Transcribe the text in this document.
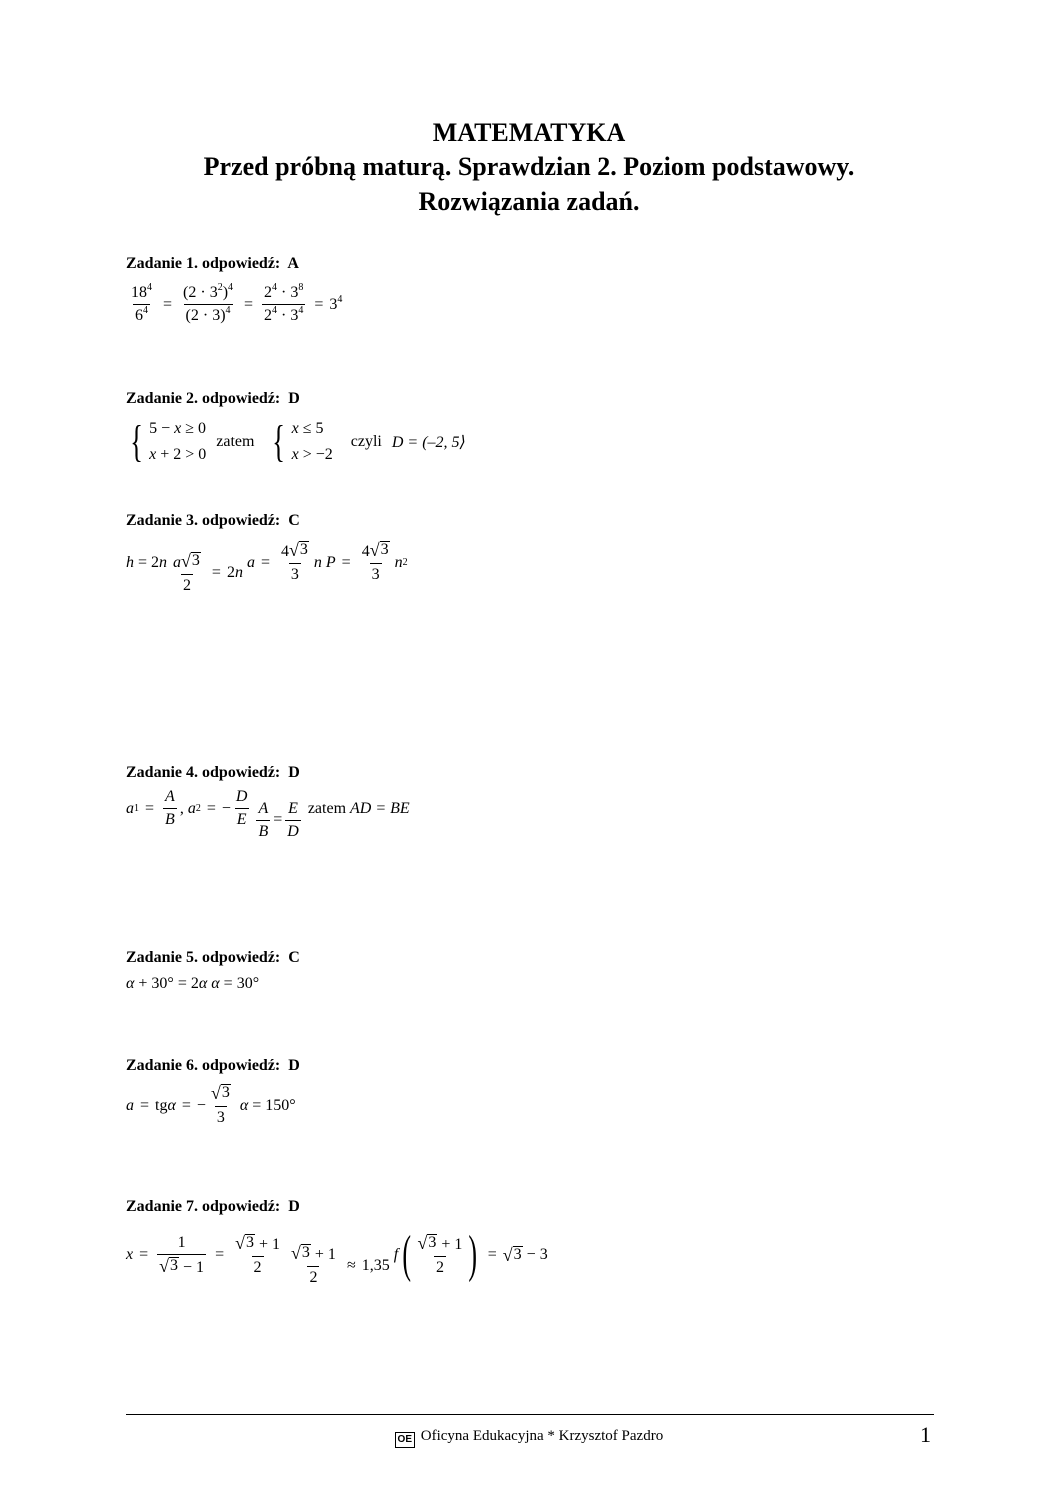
MATEMATYKA
Przed próbną maturą. Sprawdzian 2. Poziom podstawowy.
Rozwiązania zadań.
Zadanie 1. odpowiedź: A
$\frac{18^4}{6^4} = \frac{(2 \cdot 3^2)^4}{(2 \cdot 3)^4} = \frac{2^4 \cdot 3^8}{2^4 \cdot 3^4} = 3^4$
Zadanie 2. odpowiedź: D
{ 5 − x ≥ 0
x + 2 > 0
zatem { x ≤ 5
x > −2
czyli D = (–2, 5⟩
Zadanie 3. odpowiedź: C
h = 2 n
$\frac{a √ 3}{2} = 2$ n

$a = \frac{4 √ 3}{3}$ n
$P = \frac{4 √ 3}{3}$ n 2
Zadanie 4. odpowiedź: D
a $1 = \frac{A}{B}$ , a 2 = − $\frac{D}{E}$
$\frac{A}{B} = \frac{E}{D}$
zatem
AD = BE
Zadanie 5. odpowiedź: C
α + 30° = 2 α
α = 30°
Zadanie 6. odpowiedź: D
a = tg α = − $\frac{√ 3}{3}$
α = 150°
Zadanie 7. odpowiedź: D
$x = \frac{1}{√ 3 - 1} = \frac{√ 3 + 1}{2}$
$\frac{√ 3 + 1}{2} \approx 1,35$
f ( $\frac{√ 3 + 1}{2}$ ) = √ 3 − 3
OE Oficyna Edukacyjna * Krzysztof Pazdro	1
